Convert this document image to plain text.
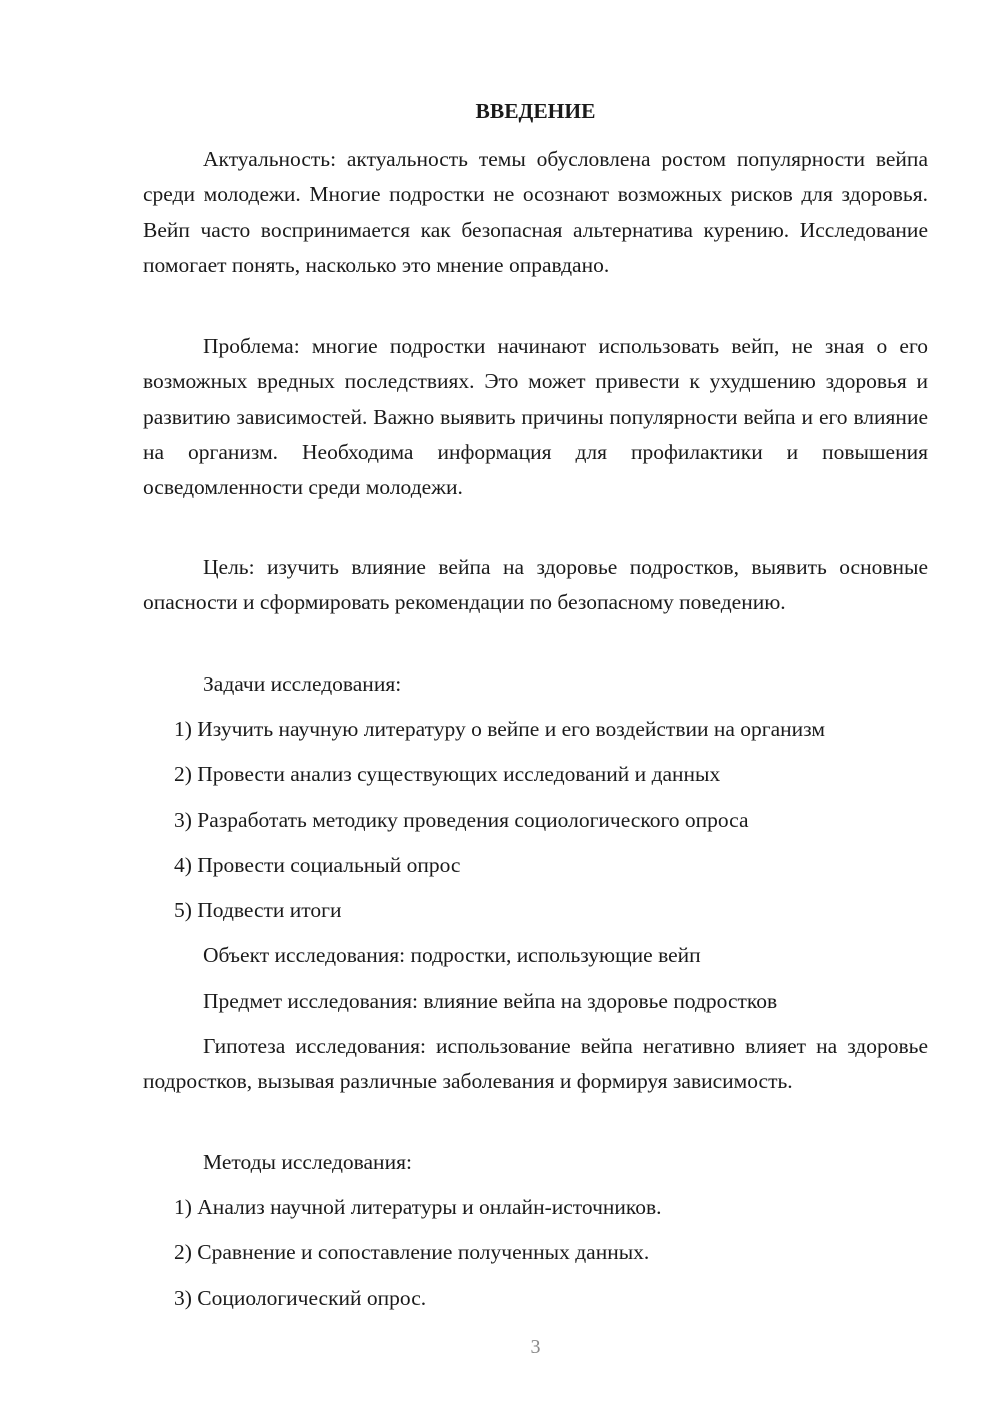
ВВЕДЕНИЕ
Актуальность: актуальность темы обусловлена ростом популярности вейпа среди молодежи. Многие подростки не осознают возможных рисков для здоровья. Вейп часто воспринимается как безопасная альтернатива курению. Исследование помогает понять, насколько это мнение оправдано.
Проблема: многие подростки начинают использовать вейп, не зная о его возможных вредных последствиях. Это может привести к ухудшению здоровья и развитию зависимостей. Важно выявить причины популярности вейпа и его влияние на организм. Необходима информация для профилактики и повышения осведомленности среди молодежи.
Цель: изучить влияние вейпа на здоровье подростков, выявить основные опасности и сформировать рекомендации по безопасному поведению.
Задачи исследования:
1) Изучить научную литературу о вейпе и его воздействии на организм
2) Провести анализ существующих исследований и данных
3) Разработать методику проведения социологического опроса
4) Провести социальный опрос
5) Подвести итоги
Объект исследования: подростки, использующие вейп
Предмет исследования: влияние вейпа на здоровье подростков
Гипотеза исследования: использование вейпа негативно влияет на здоровье подростков, вызывая различные заболевания и формируя зависимость.
Методы исследования:
1) Анализ научной литературы и онлайн-источников.
2) Сравнение и сопоставление полученных данных.
3) Социологический опрос.
3
